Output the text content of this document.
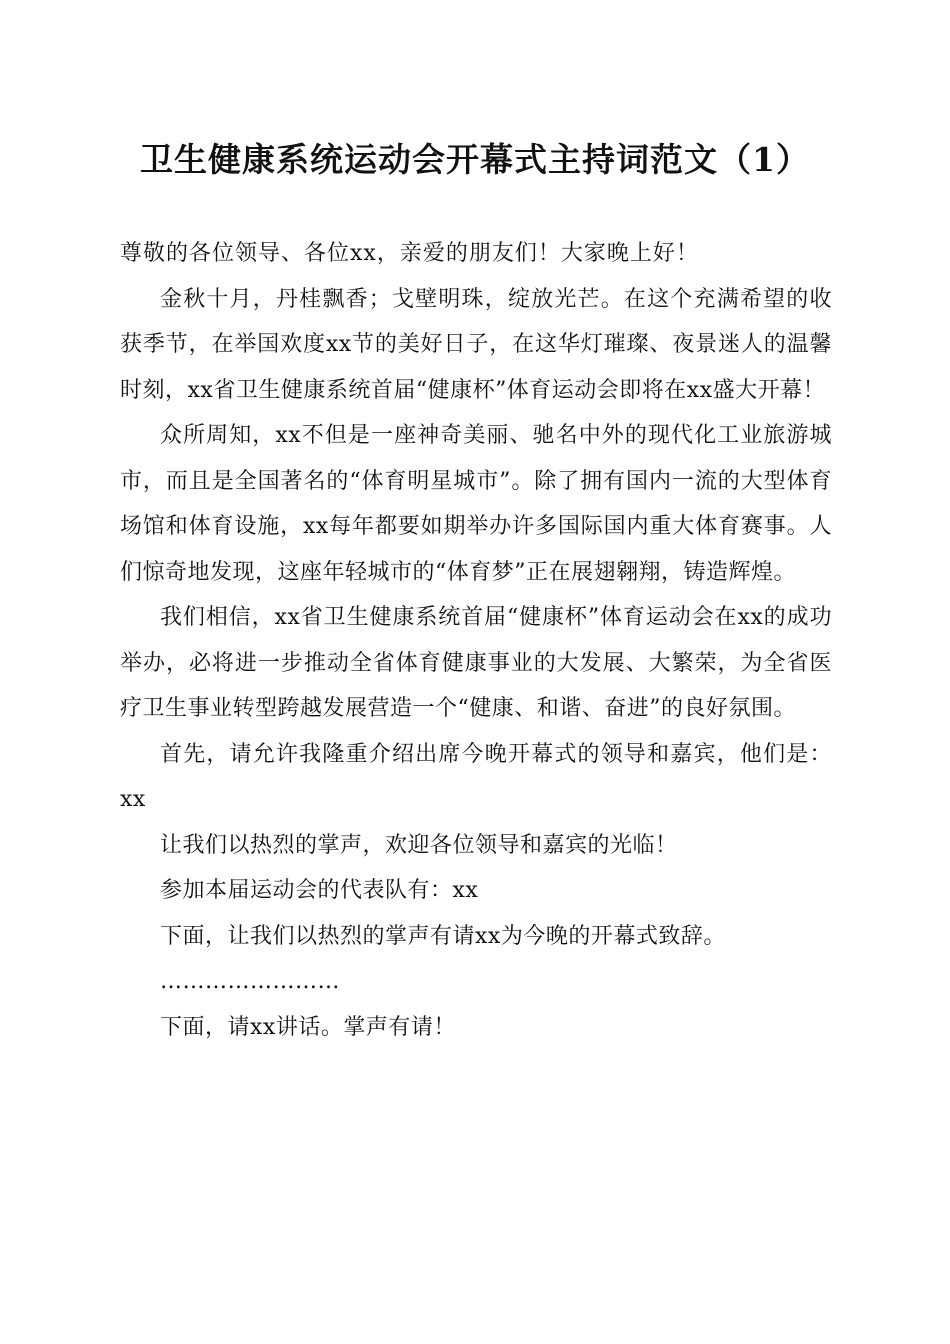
卫生健康系统运动会开幕式主持词范文（1）

尊敬的各位领导、各位xx，亲爱的朋友们！大家晚上好！

金秋十月，丹桂飘香；戈壁明珠，绽放光芒。在这个充满希望的收获季节，在举国欢度xx节的美好日子，在这华灯璀璨、夜景迷人的温馨时刻，xx省卫生健康系统首届“健康杯”体育运动会即将在xx盛大开幕！

众所周知，xx不但是一座神奇美丽、驰名中外的现代化工业旅游城市，而且是全国著名的“体育明星城市”。除了拥有国内一流的大型体育场馆和体育设施，xx每年都要如期举办许多国际国内重大体育赛事。人们惊奇地发现，这座年轻城市的“体育梦”正在展翅翱翔，铸造辉煌。

我们相信，xx省卫生健康系统首届“健康杯”体育运动会在xx的成功举办，必将进一步推动全省体育健康事业的大发展、大繁荣，为全省医疗卫生事业转型跨越发展营造一个“健康、和谐、奋进”的良好氛围。

首先，请允许我隆重介绍出席今晚开幕式的领导和嘉宾，他们是：xx

让我们以热烈的掌声，欢迎各位领导和嘉宾的光临！

参加本届运动会的代表队有：xx

下面，让我们以热烈的掌声有请xx为今晚的开幕式致辞。

……………………

下面，请xx讲话。掌声有请！
